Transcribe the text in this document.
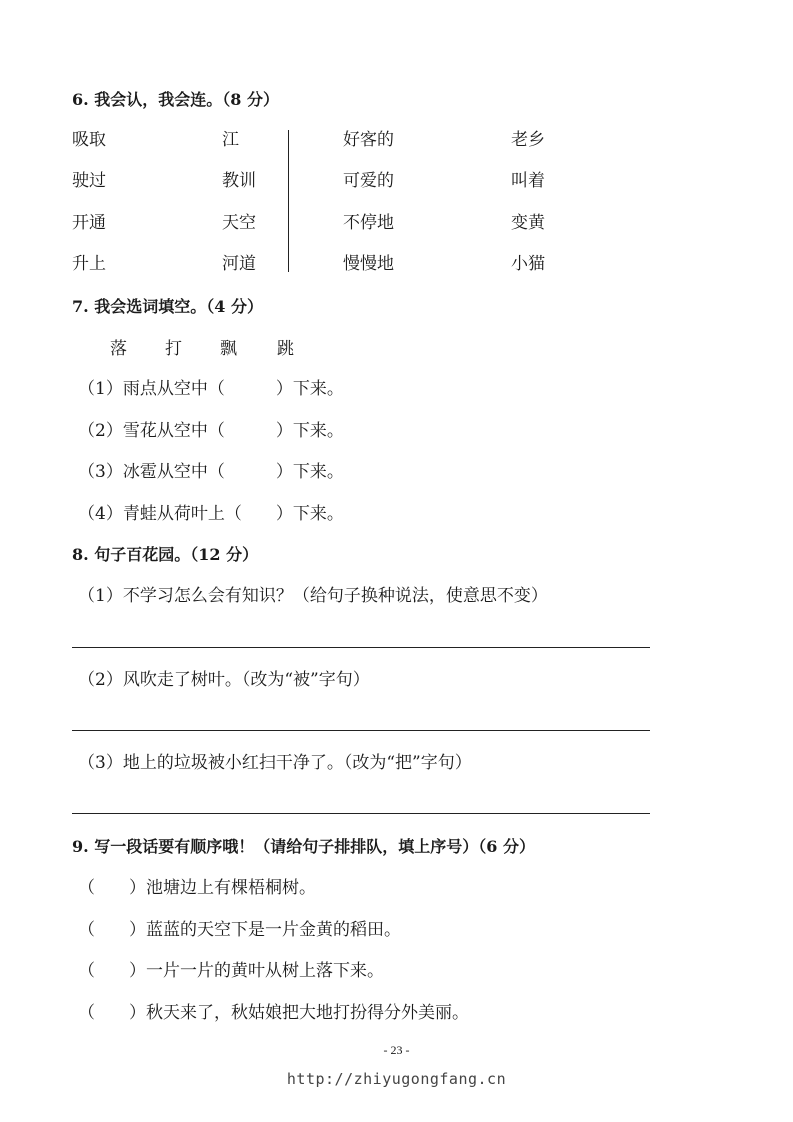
6. 我会认，我会连。（8 分）
吸取
驶过
开通
升上
江
教训
天空
河道
好客的
可爱的
不停地
慢慢地
老乡
叫着
变黄
小猫
7. 我会选词填空。（4 分）
落 打 飘 跳
（1）雨点从空中（　　　）下来。
（2）雪花从空中（　　　）下来。
（3）冰雹从空中（　　　）下来。
（4）青蛙从荷叶上（　　）下来。
8. 句子百花园。（12 分）
（1）不学习怎么会有知识？（给句子换种说法，使意思不变）
（2）风吹走了树叶。（改为“被”字句）
（3）地上的垃圾被小红扫干净了。（改为“把”字句）
9. 写一段话要有顺序哦！（请给句子排排队，填上序号）（6 分）
（　　）池塘边上有棵梧桐树。
（　　）蓝蓝的天空下是一片金黄的稻田。
（　　）一片一片的黄叶从树上落下来。
（　　）秋天来了，秋姑娘把大地打扮得分外美丽。
- 23 -
http://zhiyugongfang.cn
